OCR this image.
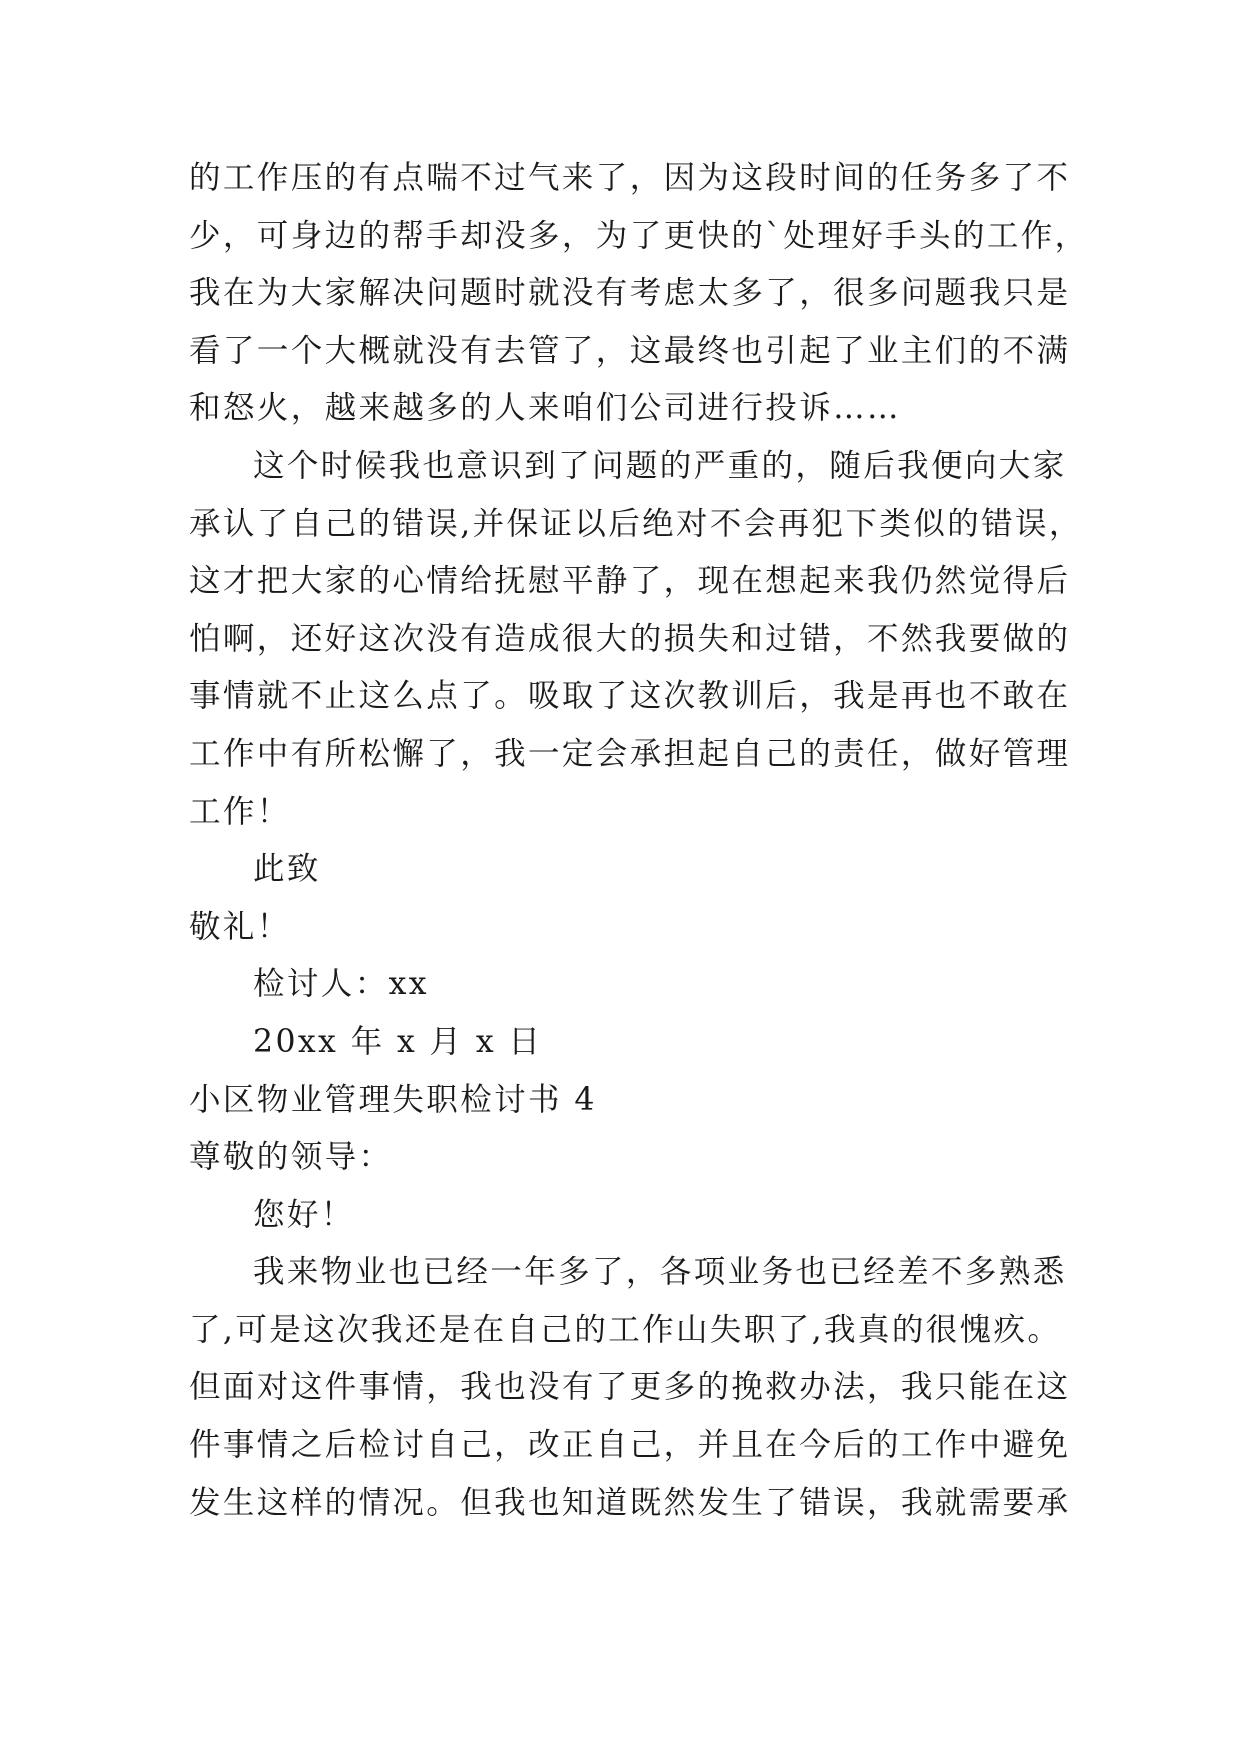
的工作压的有点喘不过气来了，因为这段时间的任务多了不
少，可身边的帮手却没多，为了更快的`处理好手头的工作，
我在为大家解决问题时就没有考虑太多了，很多问题我只是
看了一个大概就没有去管了，这最终也引起了业主们的不满
和怒火，越来越多的人来咱们公司进行投诉……
这个时候我也意识到了问题的严重的，随后我便向大家
承认了自己的错误,并保证以后绝对不会再犯下类似的错误，
这才把大家的心情给抚慰平静了，现在想起来我仍然觉得后
怕啊，还好这次没有造成很大的损失和过错，不然我要做的
事情就不止这么点了。吸取了这次教训后，我是再也不敢在
工作中有所松懈了，我一定会承担起自己的责任，做好管理
工作！
此致
敬礼！
检讨人：xx
20xx 年 x 月 x 日
小区物业管理失职检讨书 4
尊敬的领导：
您好！
我来物业也已经一年多了，各项业务也已经差不多熟悉
了,可是这次我还是在自己的工作山失职了,我真的很愧疚。
但面对这件事情，我也没有了更多的挽救办法，我只能在这
件事情之后检讨自己，改正自己，并且在今后的工作中避免
发生这样的情况。但我也知道既然发生了错误，我就需要承
